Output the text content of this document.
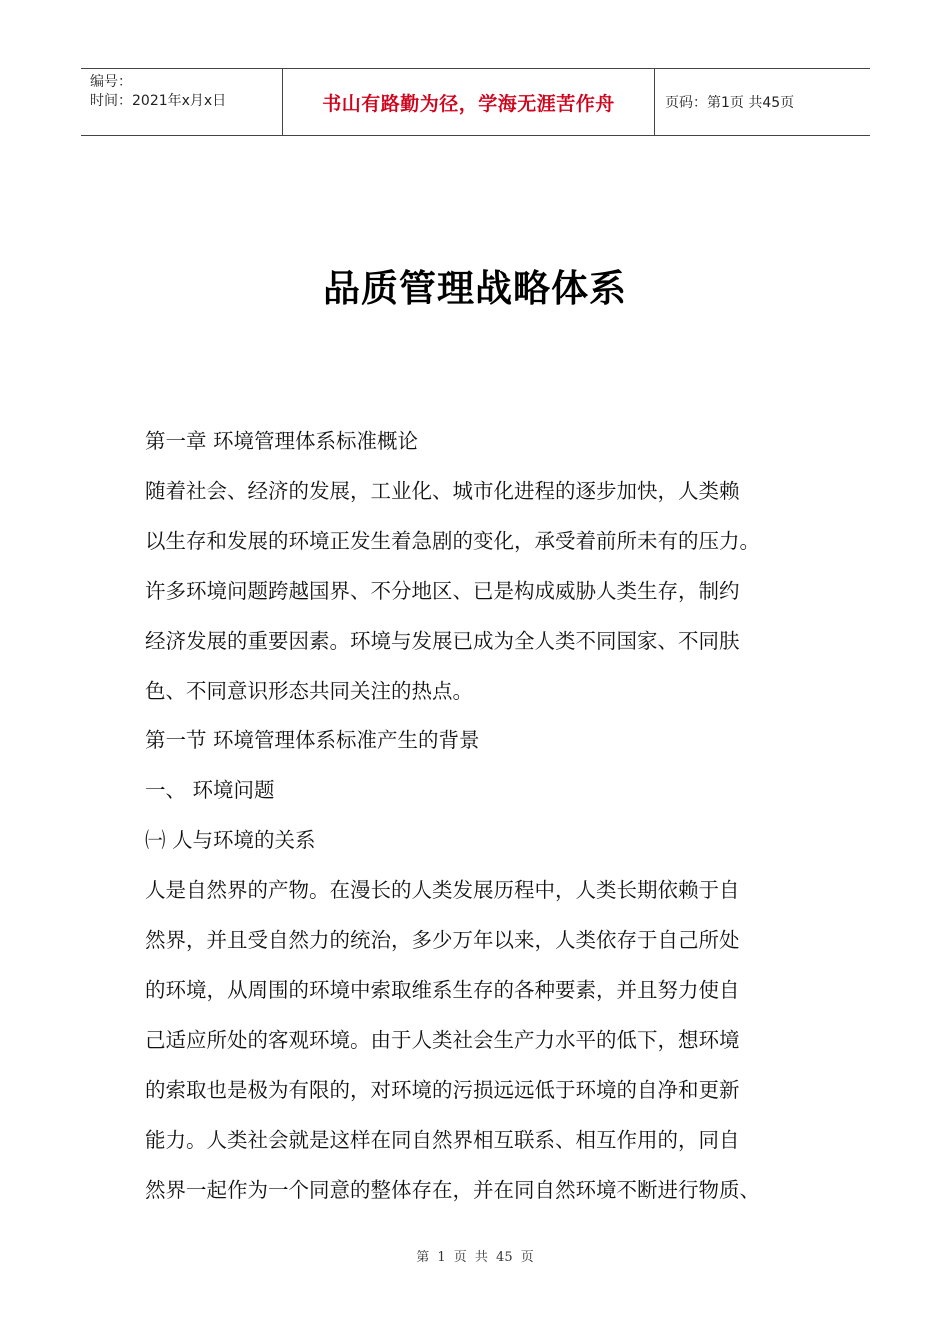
编号：
时间：2021年x月x日	书山有路勤为径，学海无涯苦作舟	页码：第1页 共45页
品质管理战略体系

第一章 环境管理体系标准概论

随着社会、经济的发展，工业化、城市化进程的逐步加快，人类赖

以生存和发展的环境正发生着急剧的变化，承受着前所未有的压力。

许多环境问题跨越国界、不分地区、已是构成威胁人类生存，制约

经济发展的重要因素。环境与发展已成为全人类不同国家、不同肤

色、不同意识形态共同关注的热点。

第一节 环境管理体系标准产生的背景

一、 环境问题

㈠ 人与环境的关系

人是自然界的产物。在漫长的人类发展历程中，人类长期依赖于自

然界，并且受自然力的统治，多少万年以来，人类依存于自己所处

的环境，从周围的环境中索取维系生存的各种要素，并且努力使自

己适应所处的客观环境。由于人类社会生产力水平的低下，想环境

的索取也是极为有限的，对环境的污损远远低于环境的自净和更新

能力。人类社会就是这样在同自然界相互联系、相互作用的，同自

然界一起作为一个同意的整体存在，并在同自然环境不断进行物质、

第 1 页 共 45 页
